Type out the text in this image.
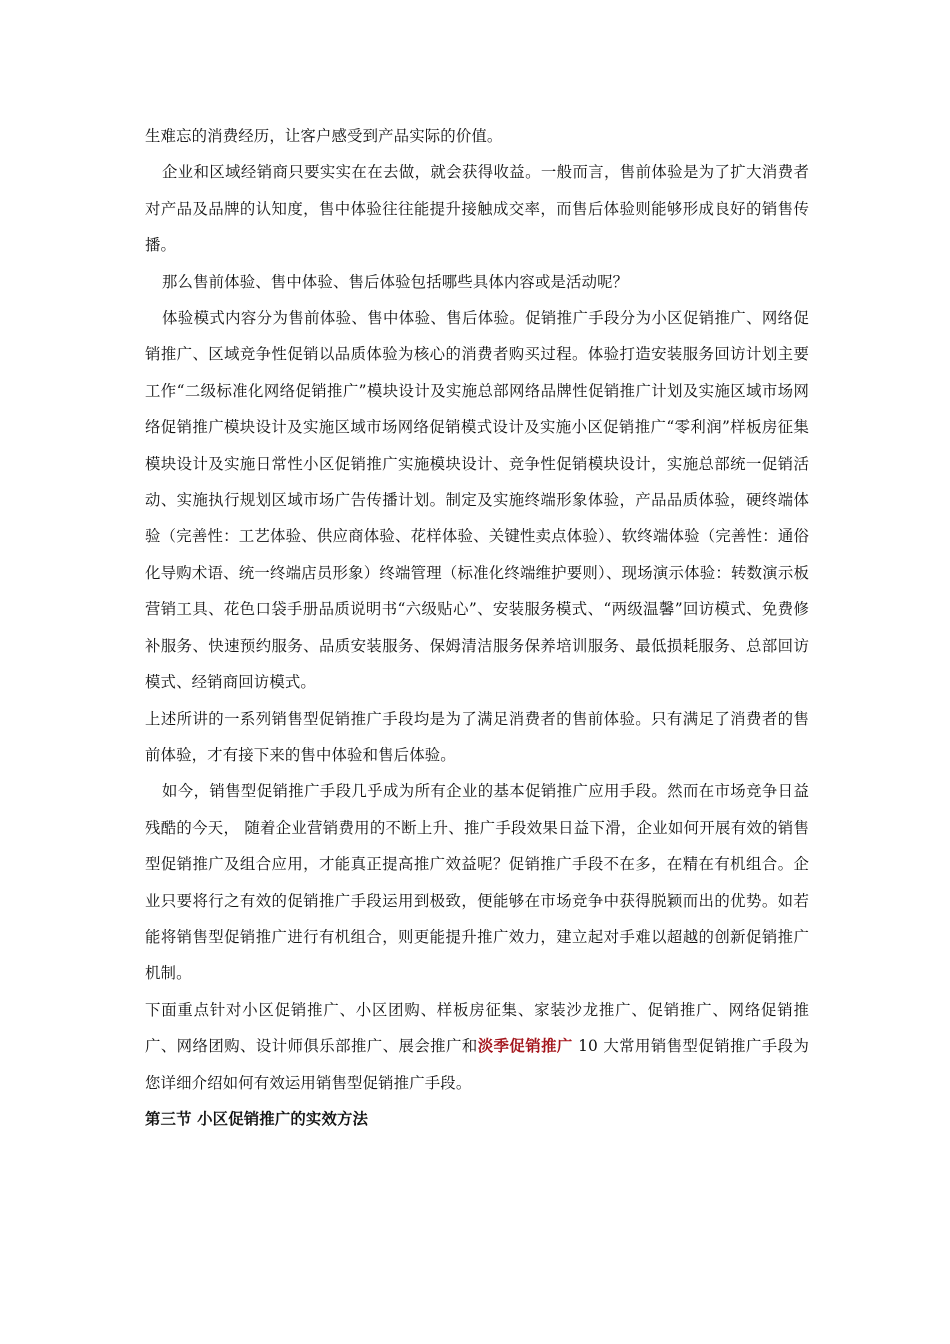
生难忘的消费经历，让客户感受到产品实际的价值。

企业和区域经销商只要实实在在去做，就会获得收益。一般而言，售前体验是为了扩大消费者对产品及品牌的认知度，售中体验往往能提升接触成交率，而售后体验则能够形成良好的销售传播。

那么售前体验、售中体验、售后体验包括哪些具体内容或是活动呢？

体验模式内容分为售前体验、售中体验、售后体验。促销推广手段分为小区促销推广、网络促销推广、区域竞争性促销以品质体验为核心的消费者购买过程。体验打造安装服务回访计划主要工作“二级标准化网络促销推广”模块设计及实施总部网络品牌性促销推广计划及实施区域市场网络促销推广模块设计及实施区域市场网络促销模式设计及实施小区促销推广“零利润”样板房征集模块设计及实施日常性小区促销推广实施模块设计、竞争性促销模块设计，实施总部统一促销活动、实施执行规划区域市场广告传播计划。制定及实施终端形象体验，产品品质体验，硬终端体验（完善性：工艺体验、供应商体验、花样体验、关键性卖点体验）、软终端体验（完善性：通俗化导购术语、统一终端店员形象）终端管理（标准化终端维护要则）、现场演示体验：转数演示板营销工具、花色口袋手册品质说明书“六级贴心”、安装服务模式、“两级温馨”回访模式、免费修补服务、快速预约服务、品质安装服务、保姆清洁服务保养培训服务、最低损耗服务、总部回访模式、经销商回访模式。

上述所讲的一系列销售型促销推广手段均是为了满足消费者的售前体验。只有满足了消费者的售前体验，才有接下来的售中体验和售后体验。

如今，销售型促销推广手段几乎成为所有企业的基本促销推广应用手段。然而在市场竞争日益残酷的今天， 随着企业营销费用的不断上升、推广手段效果日益下滑，企业如何开展有效的销售型促销推广及组合应用，才能真正提高推广效益呢？促销推广手段不在多，在精在有机组合。企业只要将行之有效的促销推广手段运用到极致，便能够在市场竞争中获得脱颖而出的优势。如若能将销售型促销推广进行有机组合，则更能提升推广效力，建立起对手难以超越的创新促销推广机制。

下面重点针对小区促销推广、小区团购、样板房征集、家装沙龙推广、促销推广、网络促销推广、网络团购、设计师俱乐部推广、展会推广和淡季促销推广 10 大常用销售型促销推广手段为您详细介绍如何有效运用销售型促销推广手段。

第三节 小区促销推广的实效方法
